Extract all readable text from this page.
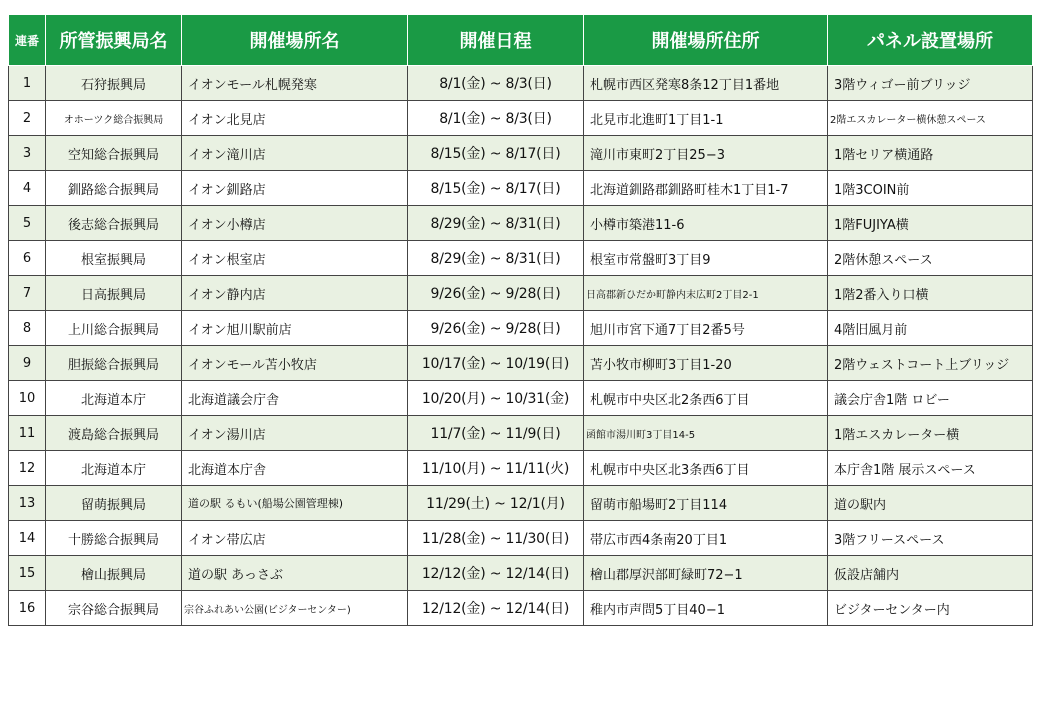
連番	所管振興局名	開催場所名	開催日程	開催場所住所	パネル設置場所
1	石狩振興局	イオンモール札幌発寒	8/1(金) ~ 8/3(日)	札幌市西区発寒8条12丁目1番地	3階ウィゴー前ブリッジ
2	オホーツク総合振興局	イオン北見店	8/1(金) ~ 8/3(日)	北見市北進町1丁目1-1	2階エスカレーター横休憩スペース
3	空知総合振興局	イオン滝川店	8/15(金) ~ 8/17(日)	滝川市東町2丁目25−3	1階セリア横通路
4	釧路総合振興局	イオン釧路店	8/15(金) ~ 8/17(日)	北海道釧路郡釧路町桂木1丁目1-7	1階3COIN前
5	後志総合振興局	イオン小樽店	8/29(金) ~ 8/31(日)	小樽市築港11-6	1階FUJIYA横
6	根室振興局	イオン根室店	8/29(金) ~ 8/31(日)	根室市常盤町3丁目9	2階休憩スペース
7	日高振興局	イオン静内店	9/26(金) ~ 9/28(日)	日高郡新ひだか町静内末広町2丁目2-1	1階2番入り口横
8	上川総合振興局	イオン旭川駅前店	9/26(金) ~ 9/28(日)	旭川市宮下通7丁目2番5号	4階旧風月前
9	胆振総合振興局	イオンモール苫小牧店	10/17(金) ~ 10/19(日)	苫小牧市柳町3丁目1-20	2階ウェストコート上ブリッジ
10	北海道本庁	北海道議会庁舎	10/20(月) ~ 10/31(金)	札幌市中央区北2条西6丁目	議会庁舎1階 ロビー
11	渡島総合振興局	イオン湯川店	11/7(金) ~ 11/9(日)	函館市湯川町3丁目14-5	1階エスカレーター横
12	北海道本庁	北海道本庁舎	11/10(月) ~ 11/11(火)	札幌市中央区北3条西6丁目	本庁舎1階 展示スペース
13	留萌振興局	道の駅 るもい(船場公園管理棟)	11/29(土) ~ 12/1(月)	留萌市船場町2丁目114	道の駅内
14	十勝総合振興局	イオン帯広店	11/28(金) ~ 11/30(日)	帯広市西4条南20丁目1	3階フリースペース
15	檜山振興局	道の駅 あっさぶ	12/12(金) ~ 12/14(日)	檜山郡厚沢部町緑町72−1	仮設店舗内
16	宗谷総合振興局	宗谷ふれあい公園(ビジターセンター)	12/12(金) ~ 12/14(日)	稚内市声問5丁目40−1	ビジターセンター内
